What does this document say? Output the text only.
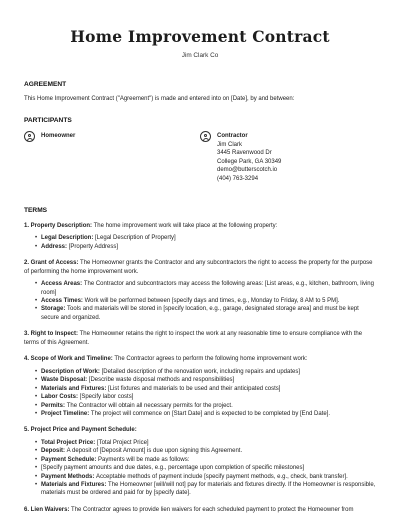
Home Improvement Contract
Jim Clark Co
AGREEMENT
This Home Improvement Contract ("Agreement") is made and entered into on [Date], by and between:
PARTICIPANTS
Homeowner	Contractor
Jim Clark
3445 Ravenwood Dr
College Park, GA 30349
demo@butterscotch.io
(404) 763-3294
TERMS
1. Property Description: The home improvement work will take place at the following property:
• Legal Description: [Legal Description of Property]
• Address: [Property Address]
2. Grant of Access: The Homeowner grants the Contractor and any subcontractors the right to access the property for the purpose of performing the home improvement work.
• Access Areas: The Contractor and subcontractors may access the following areas: [List areas, e.g., kitchen, bathroom, living room]
• Access Times: Work will be performed between [specify days and times, e.g., Monday to Friday, 8 AM to 5 PM].
• Storage: Tools and materials will be stored in [specify location, e.g., garage, designated storage area] and must be kept secure and organized.
3. Right to Inspect: The Homeowner retains the right to inspect the work at any reasonable time to ensure compliance with the terms of this Agreement.
4. Scope of Work and Timeline: The Contractor agrees to perform the following home improvement work:
• Description of Work: [Detailed description of the renovation work, including repairs and updates]
• Waste Disposal: [Describe waste disposal methods and responsibilities]
• Materials and Fixtures: [List fixtures and materials to be used and their anticipated costs]
• Labor Costs: [Specify labor costs]
• Permits: The Contractor will obtain all necessary permits for the project.
• Project Timeline: The project will commence on [Start Date] and is expected to be completed by [End Date].
5. Project Price and Payment Schedule:
• Total Project Price: [Total Project Price]
• Deposit: A deposit of [Deposit Amount] is due upon signing this Agreement.
• Payment Schedule: Payments will be made as follows:
• [Specify payment amounts and due dates, e.g., percentage upon completion of specific milestones]
• Payment Methods: Acceptable methods of payment include [specify payment methods, e.g., check, bank transfer].
• Materials and Fixtures: The Homeowner [will/will not] pay for materials and fixtures directly. If the Homeowner is responsible, materials must be ordered and paid for by [specify date].
6. Lien Waivers: The Contractor agrees to provide lien waivers for each scheduled payment to protect the Homeowner from
